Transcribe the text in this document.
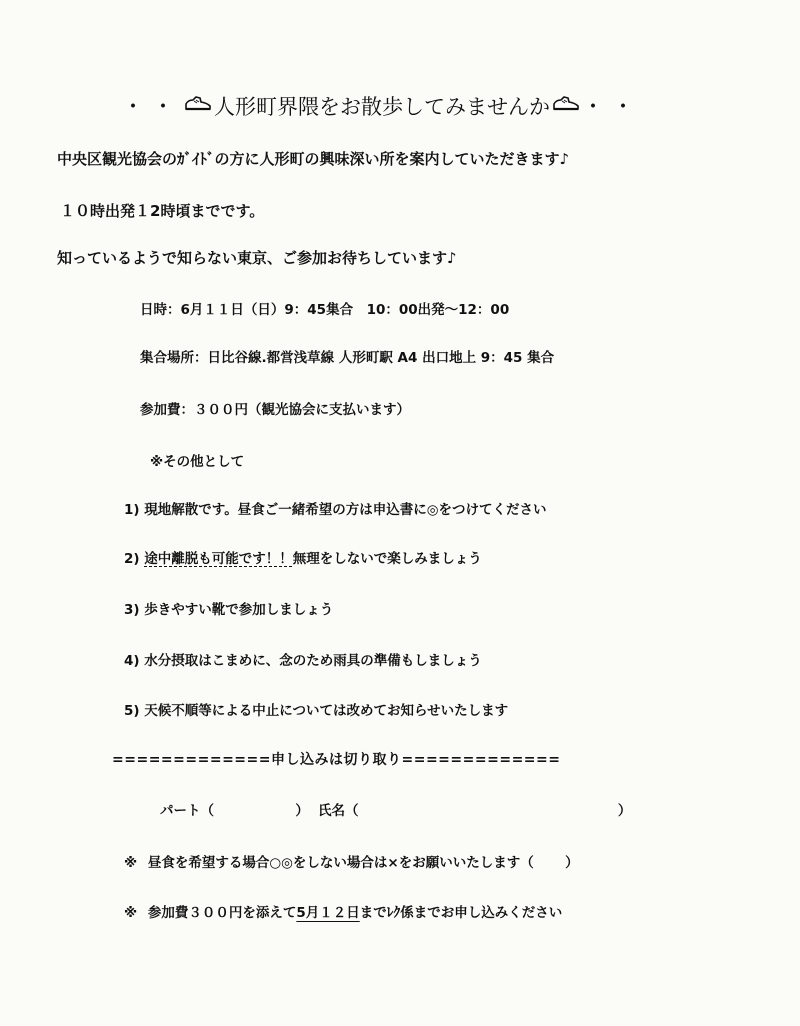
・・ 人形町界隈をお散歩してみませんか ・・
中央区観光協会のｶﾞｲﾄﾞの方に人形町の興味深い所を案内していただきます♪
１０時出発１2時頃までです。
知っているようで知らない東京、ご参加お待ちしています♪
日時：6月１１日（日）9：45集合　10：00出発～12：00
集合場所：日比谷線.都営浅草線 人形町駅 A4 出口地上 9：45 集合
参加費：３００円（観光協会に支払います）
※その他として
1) 現地解散です。昼食ご一緒希望の方は申込書に◎をつけてください
2) 途中離脱も可能です！！無理をしないで楽しみましょう
3) 歩きやすい靴で参加しましょう
4) 水分摂取はこまめに、念のため雨具の準備もしましょう
5) 天候不順等による中止については改めてお知らせいたします
=============申し込みは切り取り=============
パート（	） 氏名（	）
※ 昼食を希望する場合○◎をしない場合は×をお願いいたします（ ）
※ 参加費３００円を添えて5月１２日までﾚｸ係までお申し込みください
